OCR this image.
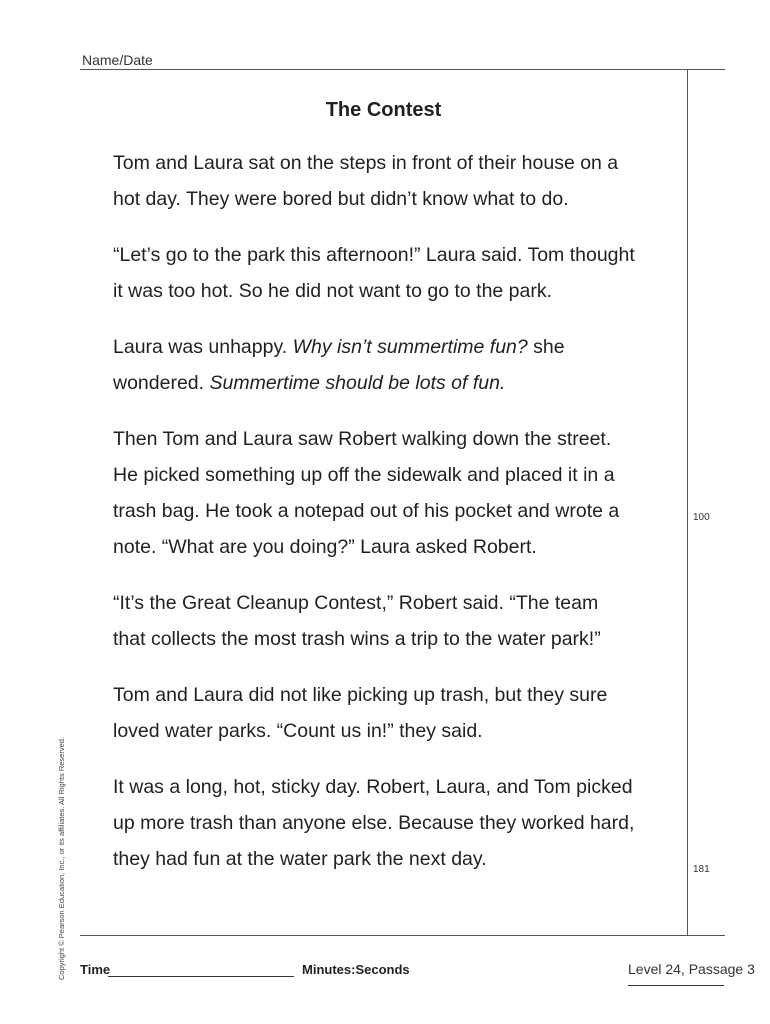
Name/Date
The Contest

Tom and Laura sat on the steps in front of their house on a
hot day. They were bored but didn’t know what to do.

“Let’s go to the park this afternoon!” Laura said. Tom thought
it was too hot. So he did not want to go to the park.

Laura was unhappy. Why isn’t summertime fun? she
wondered. Summertime should be lots of fun.

Then Tom and Laura saw Robert walking down the street.
He picked something up off the sidewalk and placed it in a
trash bag. He took a notepad out of his pocket and wrote a
note. “What are you doing?” Laura asked Robert.

“It’s the Great Cleanup Contest,” Robert said. “The team
that collects the most trash wins a trip to the water park!”

Tom and Laura did not like picking up trash, but they sure
loved water parks. “Count us in!” they said.

It was a long, hot, sticky day. Robert, Laura, and Tom picked
up more trash than anyone else. Because they worked hard,
they had fun at the water park the next day.

100
181
Copyright © Pearson Education, Inc., or its affiliates. All Rights Reserved. Time	Minutes:Seconds	Level 24, Passage 3
